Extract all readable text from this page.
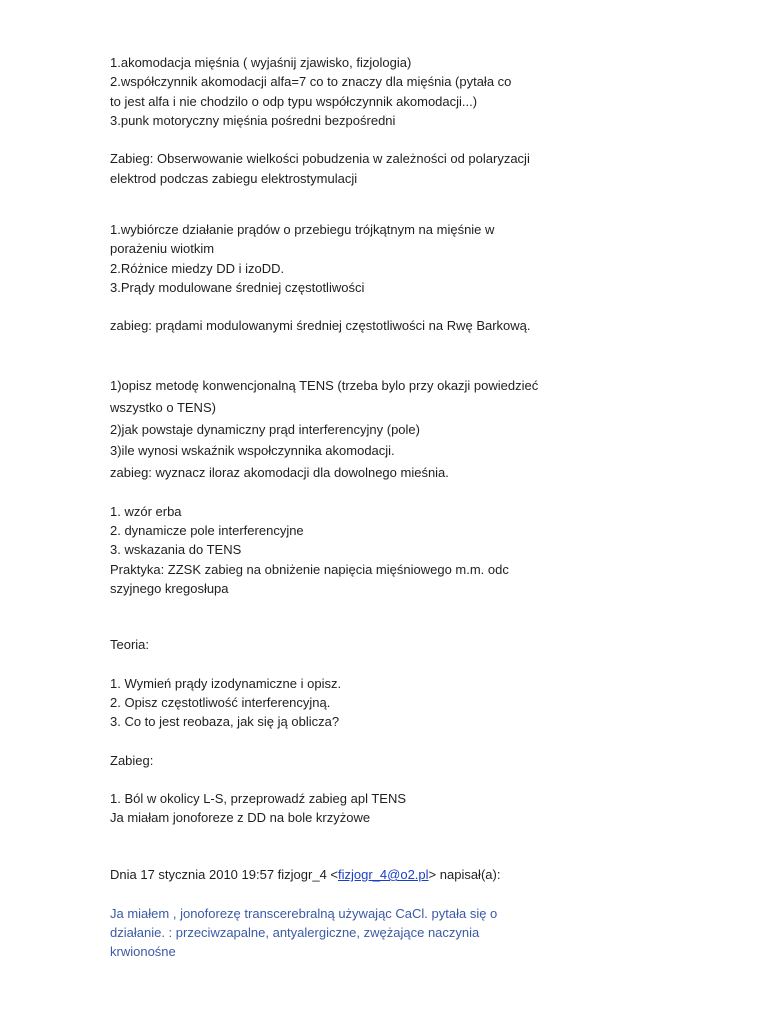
1.akomodacja mięśnia ( wyjaśnij zjawisko, fizjologia)
2.współczynnik akomodacji alfa=7 co to znaczy dla mięśnia (pytała co
to jest alfa i nie chodzilo o odp typu współczynnik akomodacji...)
3.punk motoryczny mięśnia pośredni bezpośredni
Zabieg: Obserwowanie wielkości pobudzenia w zależności od polaryzacji
elektrod podczas zabiegu elektrostymulacji
1.wybiórcze działanie prądów o przebiegu trójkątnym na mięśnie w
porażeniu wiotkim
2.Różnice miedzy DD i izoDD.
3.Prądy modulowane średniej częstotliwości
zabieg: prądami modulowanymi średniej częstotliwości na Rwę Barkową.
1)opisz metodę konwencjonalną TENS (trzeba bylo przy okazji powiedzieć
wszystko o TENS)
2)jak powstaje dynamiczny prąd interferencyjny (pole)
3)ile wynosi wskaźnik wspołczynnika akomodacji.
zabieg: wyznacz iloraz akomodacji dla dowolnego mieśnia.
1. wzór erba
2. dynamicze pole interferencyjne
3. wskazania do TENS
Praktyka: ZZSK zabieg na obniżenie napięcia mięśniowego m.m. odc
szyjnego kregosłupa
Teoria:
1. Wymień prądy izodynamiczne i opisz.
2. Opisz częstotliwość interferencyjną.
3. Co to jest reobaza, jak się ją oblicza?
Zabieg:
1. Ból w okolicy L-S, przeprowadź zabieg apl TENS
Ja miałam jonoforeze z DD na bole krzyżowe
Dnia 17 stycznia 2010 19:57 fizjogr_4 <fizjogr_4@o2.pl> napisał(a):
Ja miałem , jonoforezę transcerebralną używając CaCl. pytała się o
działanie. : przeciwzapalne, antyalergiczne, zwężające naczynia
krwionośne
